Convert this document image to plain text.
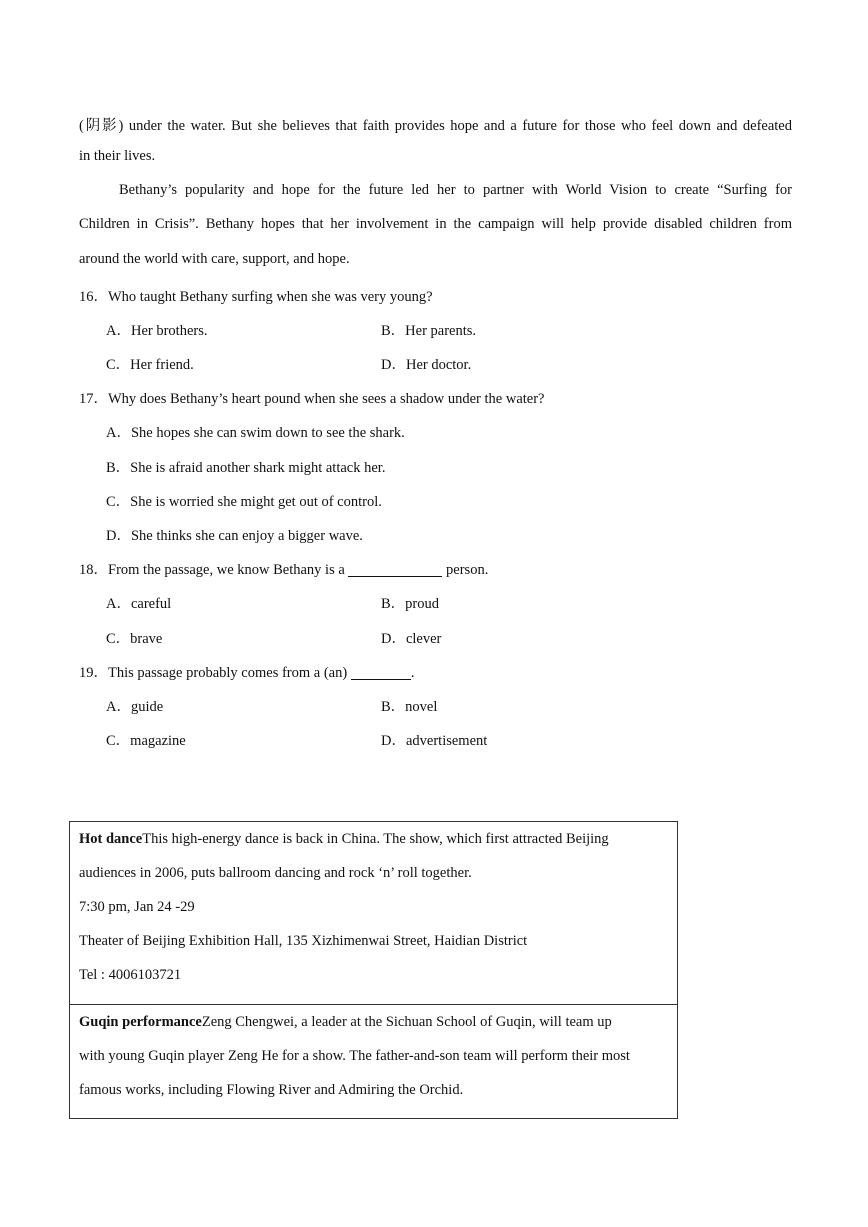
(阴影) under the water. But she believes that faith provides hope and a future for those who feel down and defeated
in their lives.
Bethany’s popularity and hope for the future led her to partner with World Vision to create “Surfing for
Children in Crisis”. Bethany hopes that her involvement in the campaign will help provide disabled children from
around the world with care, support, and hope.
16．Who taught Bethany surfing when she was very young?
A．Her brothers.	B．Her parents.
C．Her friend.	D．Her doctor.
17．Why does Bethany’s heart pound when she sees a shadow under the water?
A．She hopes she can swim down to see the shark.
B．She is afraid another shark might attack her.
C．She is worried she might get out of control.
D．She thinks she can enjoy a bigger wave.
18．From the passage, we know Bethany is a	person.
A．careful	B．proud
C．brave	D．clever
19．This passage probably comes from a (an)	.
A．guide	B．novel
C．magazine	D．advertisement
Hot danceThis high-energy dance is back in China. The show, which first attracted Beijing
audiences in 2006, puts ballroom dancing and rock ‘n’ roll together.
7:30 pm, Jan 24 -29
Theater of Beijing Exhibition Hall, 135 Xizhimenwai Street, Haidian District
Tel : 4006103721

Guqin performanceZeng Chengwei, a leader at the Sichuan School of Guqin, will team up
with young Guqin player Zeng He for a show. The father-and-son team will perform their most
famous works, including Flowing River and Admiring the Orchid.
